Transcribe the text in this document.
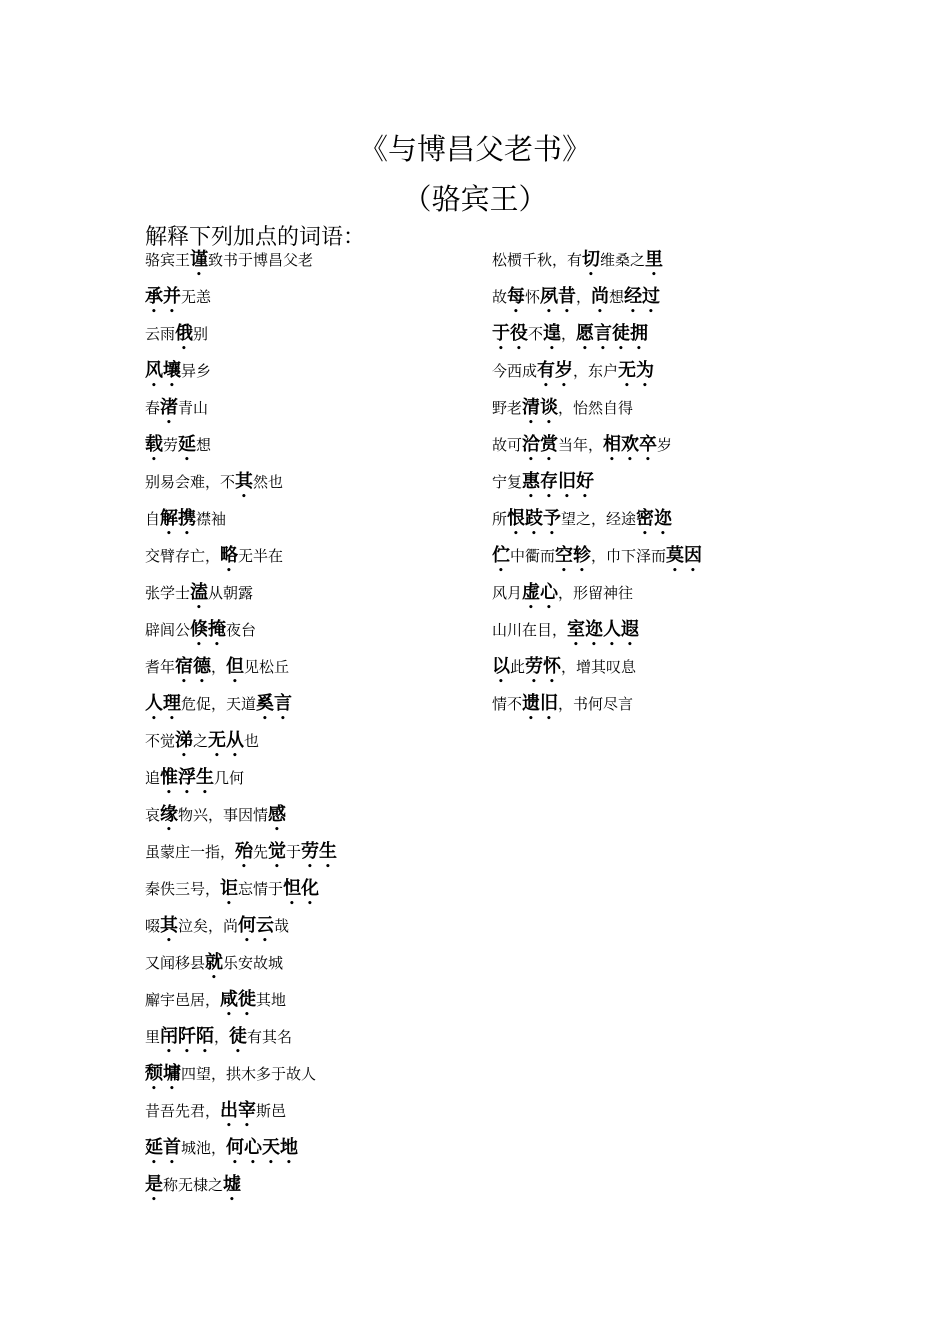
《与博昌父老书》
（骆宾王）
解释下列加点的词语：
骆宾王谨致书于博昌父老
承并无恙
云雨俄别
风壤异乡
春渚青山
载劳延想
别易会难，不其然也
自解携襟袖
交臂存亡，略无半在
张学士溘从朝露
辟闾公倏掩夜台
耆年宿德，但见松丘
人理危促，天道奚言
不觉涕之无从也
追惟浮生几何
哀缘物兴，事因情感
虽蒙庄一指，殆先觉于劳生
秦佚三号，讵忘情于怛化
啜其泣矣，尚何云哉
又闻移县就乐安故城
廨宇邑居，咸徙其地
里闬阡陌，徒有其名
颓墉四望，拱木多于故人
昔吾先君，出宰斯邑
延首城池，何心天地
是称无棣之墟
松槚千秋，有切维桑之里
故每怀夙昔，尚想经过
于役不遑，愿言徒拥
今西成有岁，东户无为
野老清谈，怡然自得
故可洽赏当年，相欢卒岁
宁复惠存旧好
所恨跂予望之，经途密迩
伫中衢而空轸，巾下泽而莫因
风月虚心，形留神往
山川在目，室迩人遐
以此劳怀，增其叹息
情不遗旧，书何尽言
